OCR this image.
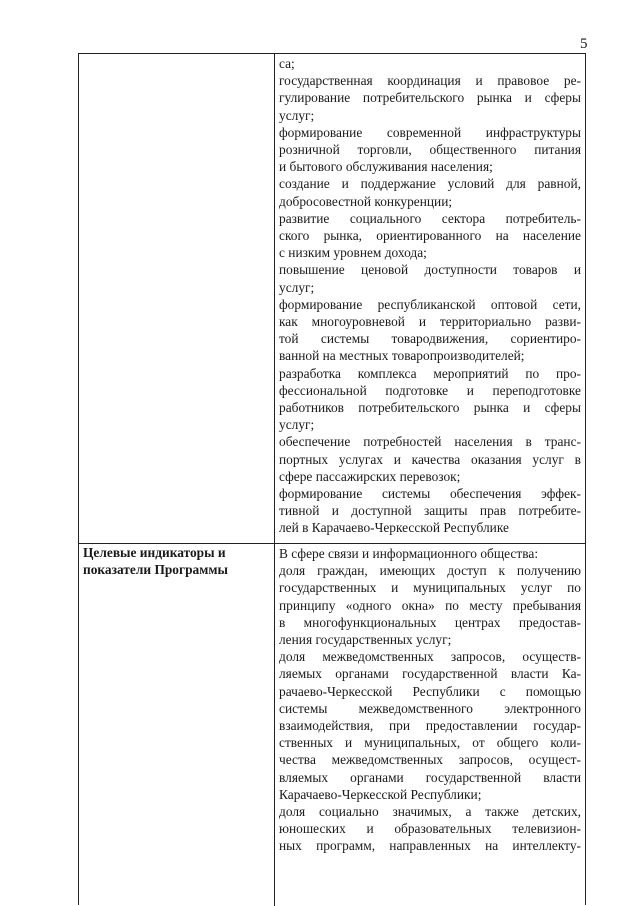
5
са;
государственная координация и правовое ре-
гулирование потребительского рынка и сферы
услуг;
формирование современной инфраструктуры
розничной торговли, общественного питания
и бытового обслуживания населения;
создание и поддержание условий для равной,
добросовестной конкуренции;
развитие социального сектора потребитель-
ского рынка, ориентированного на население
с низким уровнем дохода;
повышение ценовой доступности товаров и
услуг;
формирование республиканской оптовой сети,
как многоуровневой и территориально разви-
той системы товародвижения, сориентиро-
ванной на местных товаропроизводителей;
разработка комплекса мероприятий по про-
фессиональной подготовке и переподготовке
работников потребительского рынка и сферы
услуг;
обеспечение потребностей населения в транс-
портных услугах и качества оказания услуг в
сфере пассажирских перевозок;
формирование системы обеспечения эффек-
тивной и доступной защиты прав потребите-
лей в Карачаево-Черкесской Республике
Целевые индикаторы и
показатели Программы
В сфере связи и информационного общества:
доля граждан, имеющих доступ к получению
государственных и муниципальных услуг по
принципу «одного окна» по месту пребывания
в многофункциональных центрах предостав-
ления государственных услуг;
доля межведомственных запросов, осуществ-
ляемых органами государственной власти Ка-
рачаево-Черкесской Республики с помощью
системы межведомственного электронного
взаимодействия, при предоставлении государ-
ственных и муниципальных, от общего коли-
чества межведомственных запросов, осущест-
вляемых органами государственной власти
Карачаево-Черкесской Республики;
доля социально значимых, а также детских,
юношеских и образовательных телевизион-
ных программ, направленных на интеллекту-
